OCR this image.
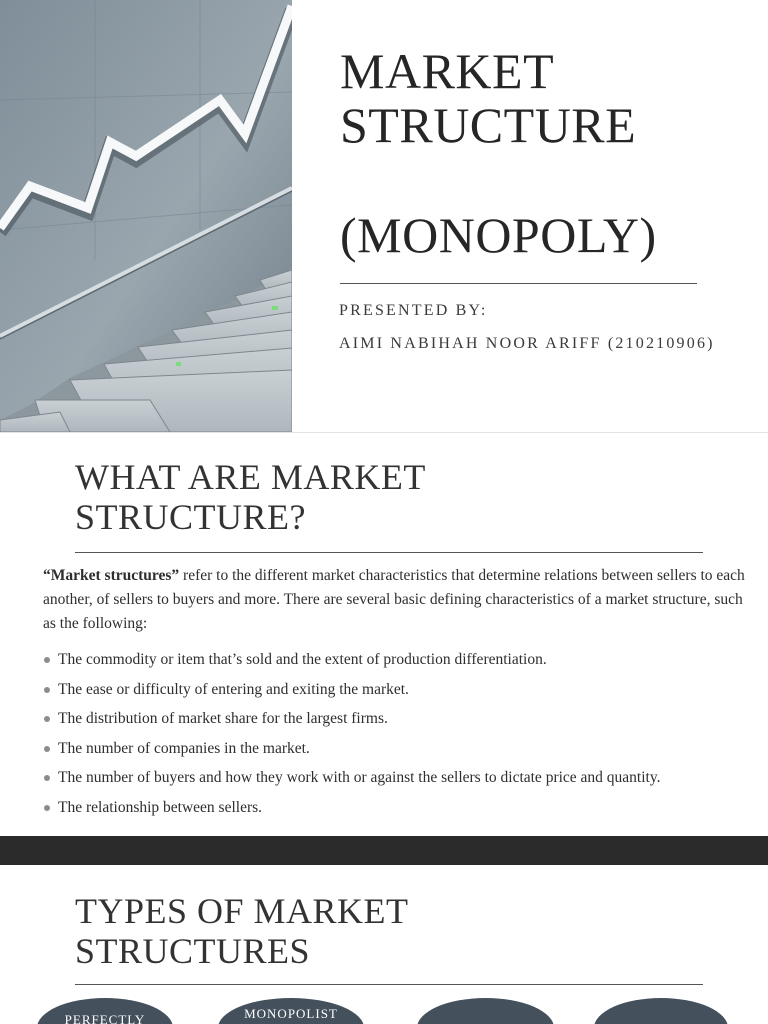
MARKET
STRUCTURE
(MONOPOLY)
PRESENTED BY:
AIMI NABIHAH NOOR ARIFF (210210906)
WHAT ARE MARKET
STRUCTURE?

“Market structures” refer to the different market characteristics that determine relations between sellers to each another, of sellers to buyers and more. There are several basic defining characteristics of a market structure, such as the following:

The commodity or item that’s sold and the extent of production differentiation.
The ease or difficulty of entering and exiting the market.
The distribution of market share for the largest firms.
The number of companies in the market.
The number of buyers and how they work with or against the sellers to dictate price and quantity.
The relationship between sellers.
TYPES OF MARKET
STRUCTURES
PERFECTLY	MONOPOLIST
